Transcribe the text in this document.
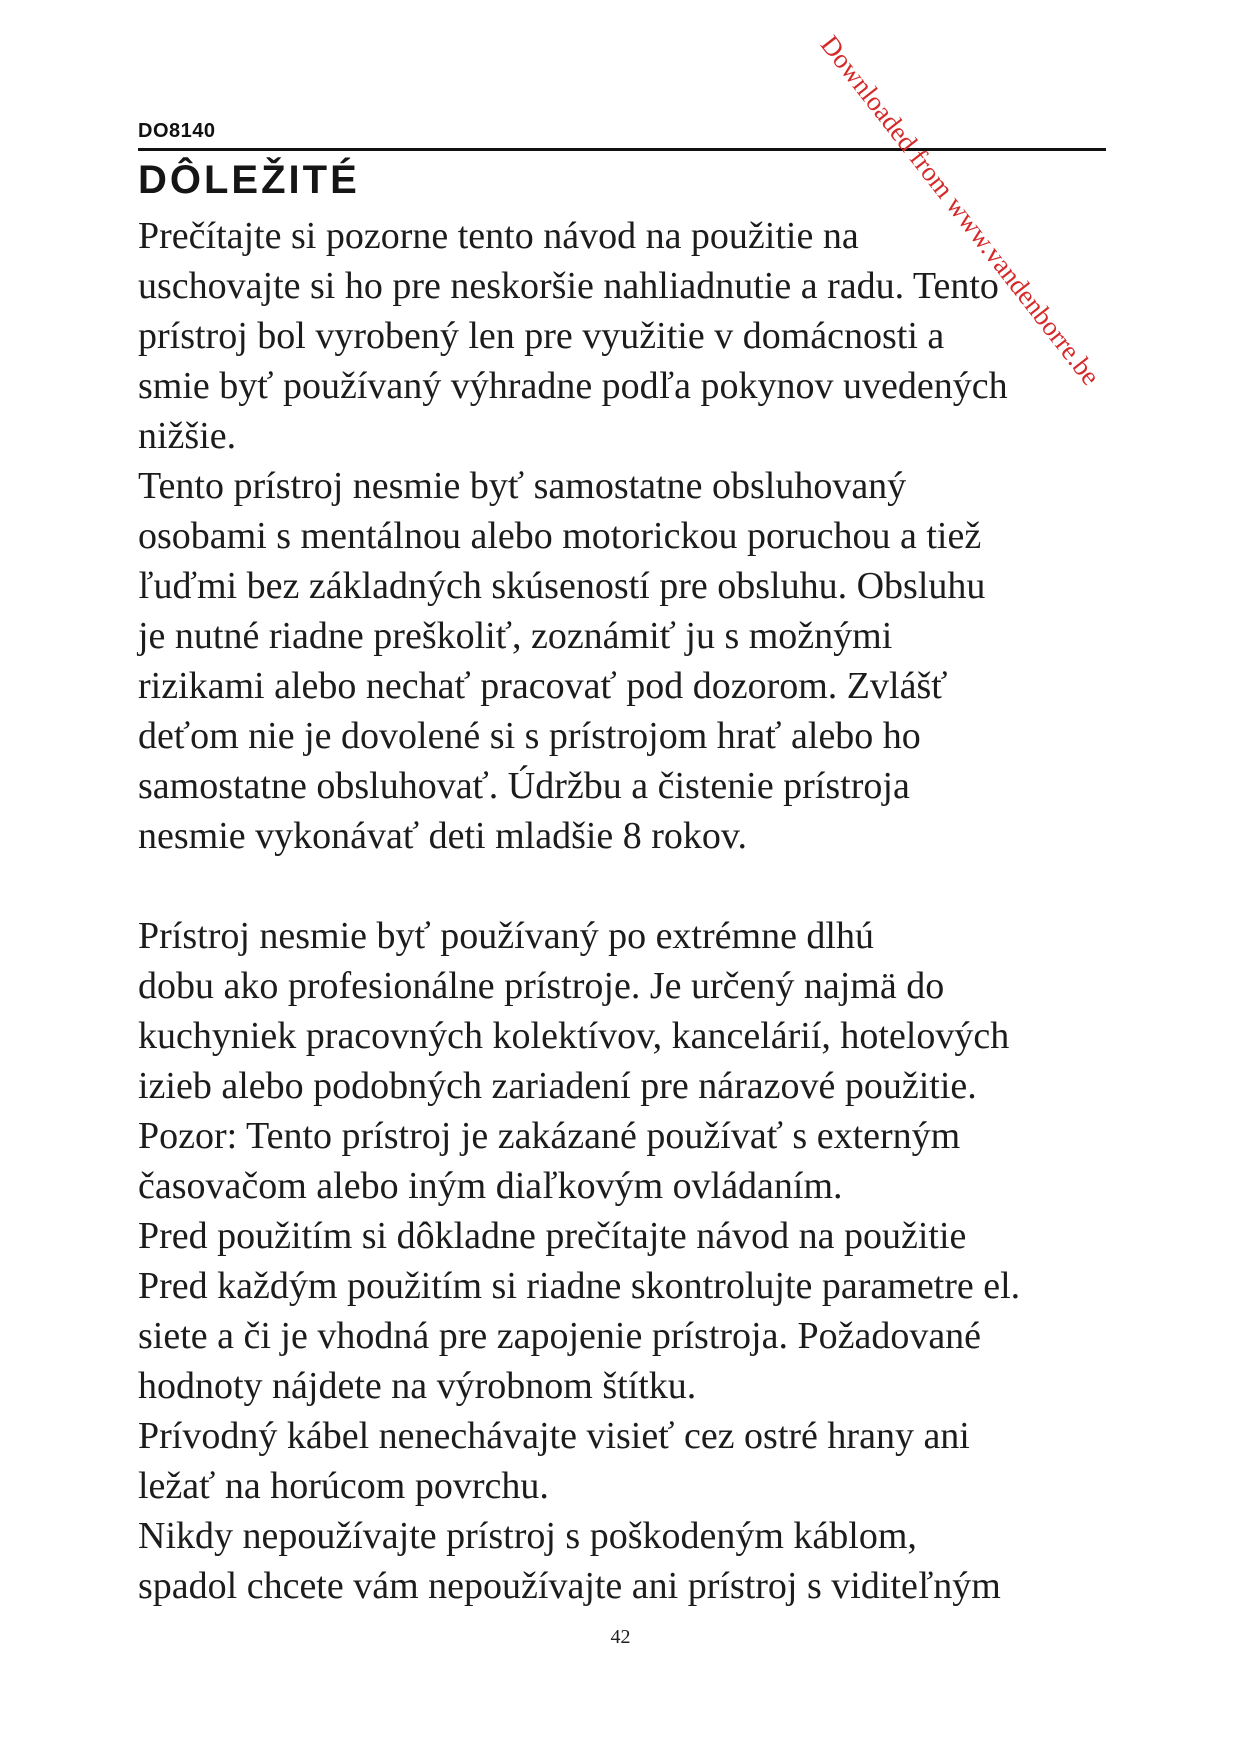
DO8140
DÔLEŽITÉ
Prečítajte si pozorne tento návod na použitie na
uschovajte si ho pre neskoršie nahliadnutie a radu. Tento
prístroj bol vyrobený len pre využitie v domácnosti a
smie byť používaný výhradne podľa pokynov uvedených
nižšie.
Tento prístroj nesmie byť samostatne obsluhovaný
osobami s mentálnou alebo motorickou poruchou a tiež
ľuďmi bez základných skúseností pre obsluhu. Obsluhu
je nutné riadne preškoliť, zoznámiť ju s možnými
rizikami alebo nechať pracovať pod dozorom. Zvlášť
deťom nie je dovolené si s prístrojom hrať alebo ho
samostatne obsluhovať. Údržbu a čistenie prístroja
nesmie vykonávať deti mladšie 8 rokov.
Prístroj nesmie byť používaný po extrémne dlhú
dobu ako profesionálne prístroje. Je určený najmä do
kuchyniek pracovných kolektívov, kancelárií, hotelových
izieb alebo podobných zariadení pre nárazové použitie.
Pozor: Tento prístroj je zakázané používať s externým
časovačom alebo iným diaľkovým ovládaním.
Pred použitím si dôkladne prečítajte návod na použitie
Pred každým použitím si riadne skontrolujte parametre el.
siete a či je vhodná pre zapojenie prístroja. Požadované
hodnoty nájdete na výrobnom štítku.
Prívodný kábel nenechávajte visieť cez ostré hrany ani
ležať na horúcom povrchu.
Nikdy nepoužívajte prístroj s poškodeným káblom,
spadol chcete vám nepoužívajte ani prístroj s viditeľným
42
Downloaded from www.vandenborre.be
